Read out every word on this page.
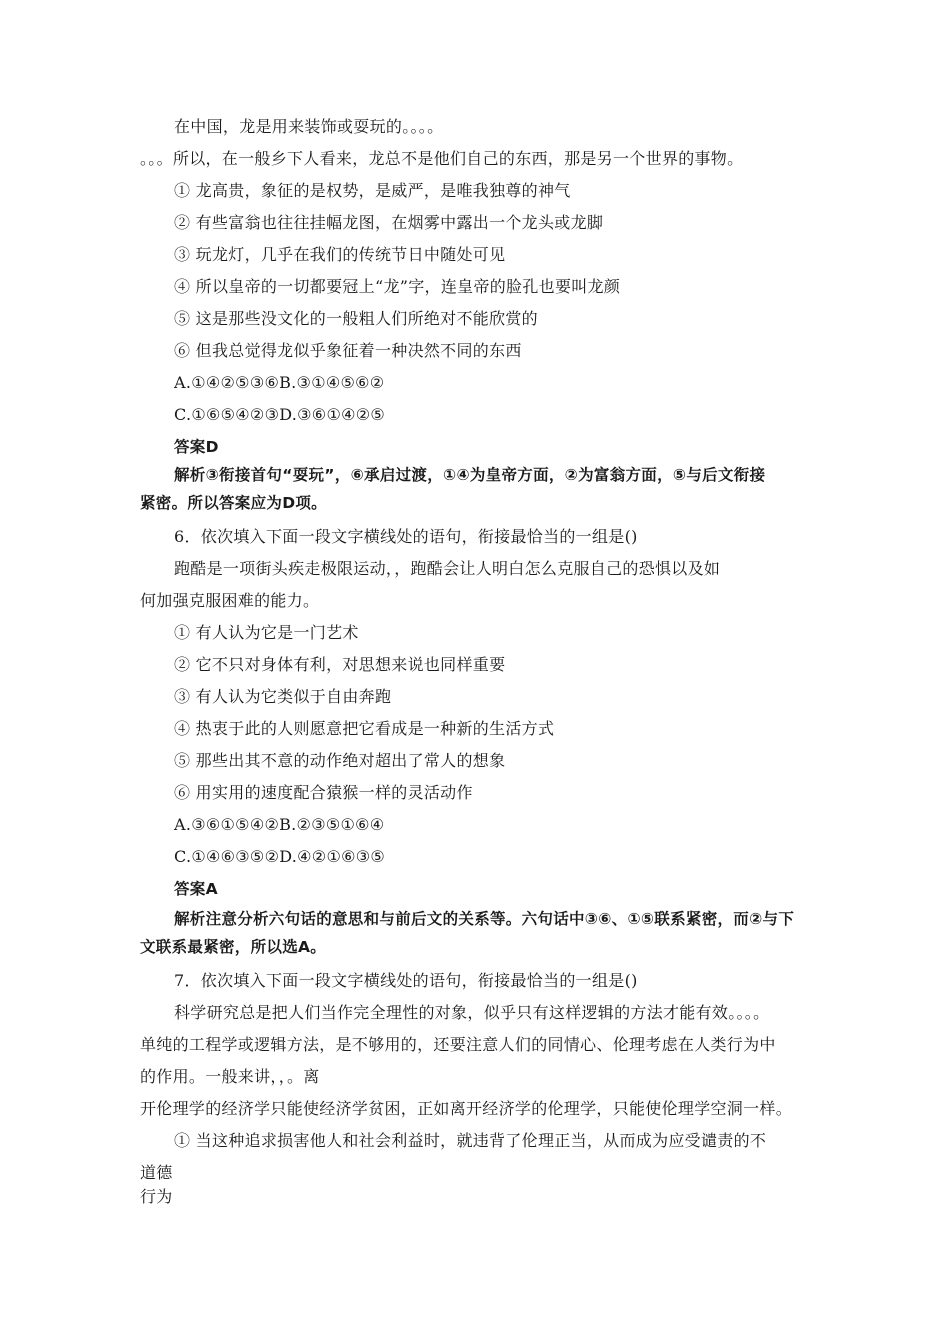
在中国，龙是用来装饰或耍玩的。。。。
。。。所以，在一般乡下人看来，龙总不是他们自己的东西，那是另一个世界的事物。
① 龙高贵，象征的是权势，是威严，是唯我独尊的神气
② 有些富翁也往往挂幅龙图，在烟雾中露出一个龙头或龙脚
③ 玩龙灯，几乎在我们的传统节日中随处可见
④ 所以皇帝的一切都要冠上“龙”字，连皇帝的脸孔也要叫龙颜
⑤ 这是那些没文化的一般粗人们所绝对不能欣赏的
⑥ 但我总觉得龙似乎象征着一种决然不同的东西
A.①④②⑤③⑥B.③①④⑤⑥②
C.①⑥⑤④②③D.③⑥①④②⑤
答案D
解析③衔接首句“耍玩”，⑥承启过渡，①④为皇帝方面，②为富翁方面，⑤与后文衔接
紧密。所以答案应为D项。
6．依次填入下面一段文字横线处的语句，衔接最恰当的一组是()
跑酷是一项街头疾走极限运动，，跑酷会让人明白怎么克服自己的恐惧以及如
何加强克服困难的能力。
① 有人认为它是一门艺术
② 它不只对身体有利，对思想来说也同样重要
③ 有人认为它类似于自由奔跑
④ 热衷于此的人则愿意把它看成是一种新的生活方式
⑤ 那些出其不意的动作绝对超出了常人的想象
⑥ 用实用的速度配合猿猴一样的灵活动作
A.③⑥①⑤④②B.②③⑤①⑥④
C.①④⑥③⑤②D.④②①⑥③⑤
答案A
解析注意分析六句话的意思和与前后文的关系等。六句话中③⑥、①⑤联系紧密，而②与下
文联系最紧密，所以选A。
7．依次填入下面一段文字横线处的语句，衔接最恰当的一组是()
科学研究总是把人们当作完全理性的对象，似乎只有这样逻辑的方法才能有效。。。。
单纯的工程学或逻辑方法，是不够用的，还要注意人们的同情心、伦理考虑在人类行为中
的作用。一般来讲，，。离
开伦理学的经济学只能使经济学贫困，正如离开经济学的伦理学，只能使伦理学空洞一样。
① 当这种追求损害他人和社会利益时，就违背了伦理正当，从而成为应受谴责的不
道德
行为
